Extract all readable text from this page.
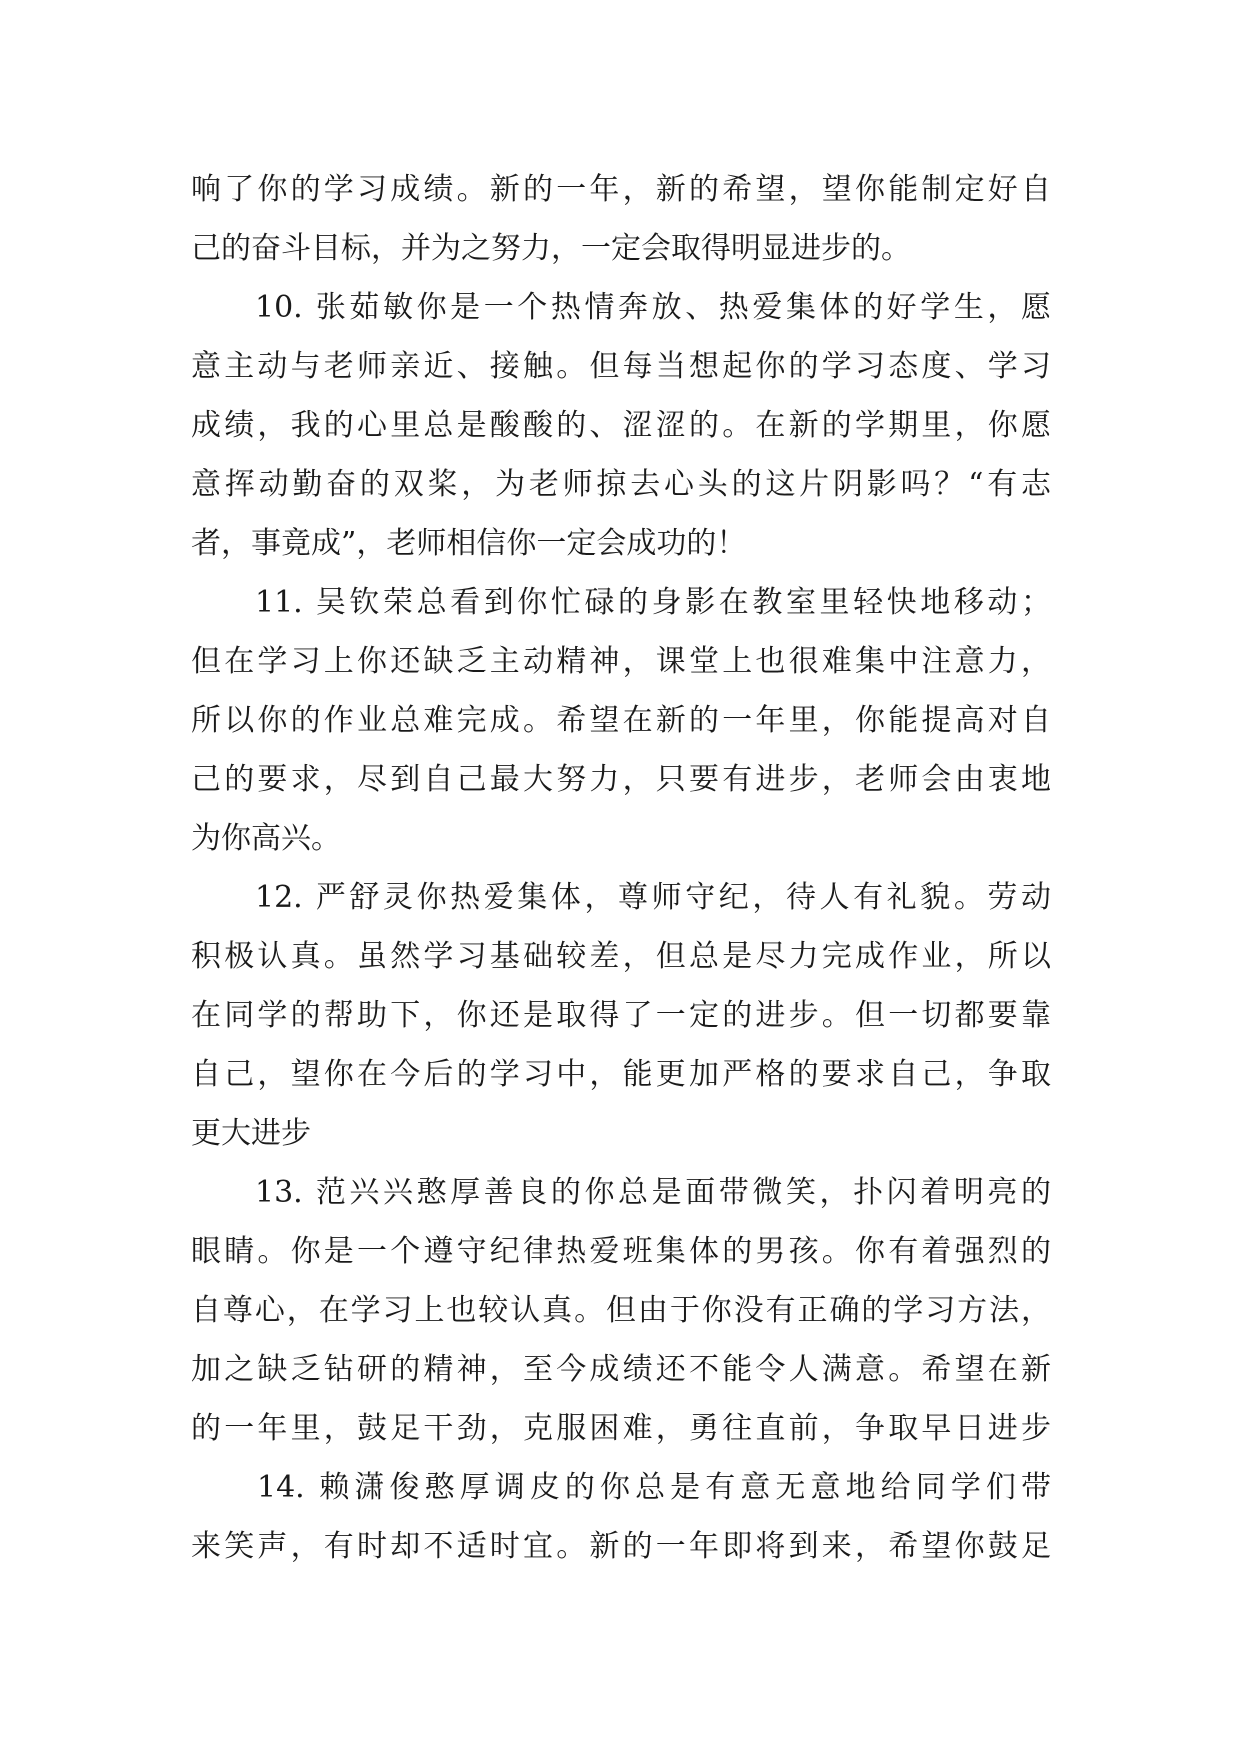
响了你的学习成绩。新的一年，新的希望，望你能制定好自
己的奋斗目标，并为之努力，一定会取得明显进步的。
10. 张茹敏你是一个热情奔放、热爱集体的好学生，愿
意主动与老师亲近、接触。但每当想起你的学习态度、学习
成绩，我的心里总是酸酸的、涩涩的。在新的学期里，你愿
意挥动勤奋的双桨，为老师掠去心头的这片阴影吗？“有志
者，事竟成”，老师相信你一定会成功的！
11. 吴钦荣总看到你忙碌的身影在教室里轻快地移动；
但在学习上你还缺乏主动精神，课堂上也很难集中注意力，
所以你的作业总难完成。希望在新的一年里，你能提高对自
己的要求，尽到自己最大努力，只要有进步，老师会由衷地
为你高兴。
12. 严舒灵你热爱集体，尊师守纪，待人有礼貌。劳动
积极认真。虽然学习基础较差，但总是尽力完成作业，所以
在同学的帮助下，你还是取得了一定的进步。但一切都要靠
自己，望你在今后的学习中，能更加严格的要求自己，争取
更大进步
13. 范兴兴憨厚善良的你总是面带微笑，扑闪着明亮的
眼睛。你是一个遵守纪律热爱班集体的男孩。你有着强烈的
自尊心，在学习上也较认真。但由于你没有正确的学习方法，
加之缺乏钻研的精神，至今成绩还不能令人满意。希望在新
的一年里，鼓足干劲，克服困难，勇往直前，争取早日进步
14. 赖潇俊憨厚调皮的你总是有意无意地给同学们带
来笑声，有时却不适时宜。新的一年即将到来，希望你鼓足
